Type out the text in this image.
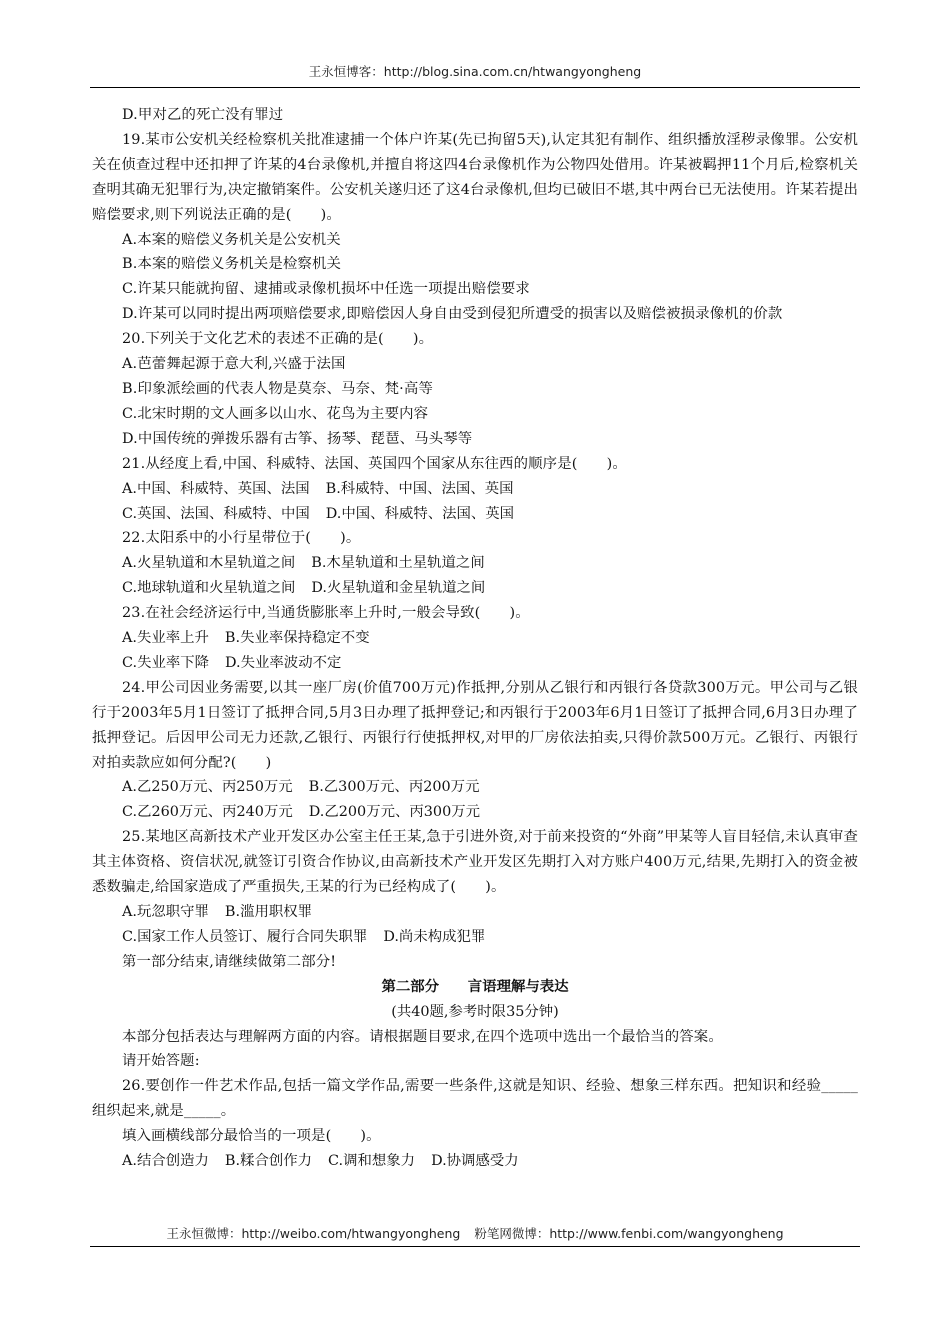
王永恒博客：http://blog.sina.com.cn/htwangyongheng

D.甲对乙的死亡没有罪过

19.某市公安机关经检察机关批准逮捕一个体户许某(先已拘留5天),认定其犯有制作、组织播放淫秽录像罪。公安机关在侦查过程中还扣押了许某的4台录像机,并擅自将这四4台录像机作为公物四处借用。许某被羁押11个月后,检察机关查明其确无犯罪行为,决定撤销案件。公安机关遂归还了这4台录像机,但均已破旧不堪,其中两台已无法使用。许某若提出赔偿要求,则下列说法正确的是(　　)。

A.本案的赔偿义务机关是公安机关

B.本案的赔偿义务机关是检察机关

C.许某只能就拘留、逮捕或录像机损坏中任选一项提出赔偿要求

D.许某可以同时提出两项赔偿要求,即赔偿因人身自由受到侵犯所遭受的损害以及赔偿被损录像机的价款

20.下列关于文化艺术的表述不正确的是(　　)。

A.芭蕾舞起源于意大利,兴盛于法国

B.印象派绘画的代表人物是莫奈、马奈、梵·高等

C.北宋时期的文人画多以山水、花鸟为主要内容

D.中国传统的弹拨乐器有古筝、扬琴、琵琶、马头琴等

21.从经度上看,中国、科威特、法国、英国四个国家从东往西的顺序是(　　)。

A.中国、科威特、英国、法国 B.科威特、中国、法国、英国

C.英国、法国、科威特、中国 D.中国、科威特、法国、英国

22.太阳系中的小行星带位于(　　)。

A.火星轨道和木星轨道之间 B.木星轨道和土星轨道之间

C.地球轨道和火星轨道之间 D.火星轨道和金星轨道之间

23.在社会经济运行中,当通货膨胀率上升时,一般会导致(　　)。

A.失业率上升 B.失业率保持稳定不变

C.失业率下降 D.失业率波动不定

24.甲公司因业务需要,以其一座厂房(价值700万元)作抵押,分别从乙银行和丙银行各贷款300万元。甲公司与乙银行于2003年5月1日签订了抵押合同,5月3日办理了抵押登记;和丙银行于2003年6月1日签订了抵押合同,6月3日办理了抵押登记。后因甲公司无力还款,乙银行、丙银行行使抵押权,对甲的厂房依法拍卖,只得价款500万元。乙银行、丙银行对拍卖款应如何分配?(　　)

A.乙250万元、丙250万元 B.乙300万元、丙200万元

C.乙260万元、丙240万元 D.乙200万元、丙300万元

25.某地区高新技术产业开发区办公室主任王某,急于引进外资,对于前来投资的“外商”甲某等人盲目轻信,未认真审查其主体资格、资信状况,就签订引资合作协议,由高新技术产业开发区先期打入对方账户400万元,结果,先期打入的资金被悉数骗走,给国家造成了严重损失,王某的行为已经构成了(　　)。

A.玩忽职守罪 B.滥用职权罪

C.国家工作人员签订、履行合同失职罪 D.尚未构成犯罪

第一部分结束,请继续做第二部分!

第二部分　　言语理解与表达

(共40题,参考时限35分钟)

本部分包括表达与理解两方面的内容。请根据题目要求,在四个选项中选出一个最恰当的答案。

请开始答题:

26.要创作一件艺术作品,包括一篇文学作品,需要一些条件,这就是知识、经验、想象三样东西。把知识和经验_____组织起来,就是_____。

填入画横线部分最恰当的一项是(　　)。

A.结合创造力 B.糅合创作力 C.调和想象力 D.协调感受力

王永恒微博：http://weibo.com/htwangyongheng 粉笔网微博：http://www.fenbi.com/wangyongheng
